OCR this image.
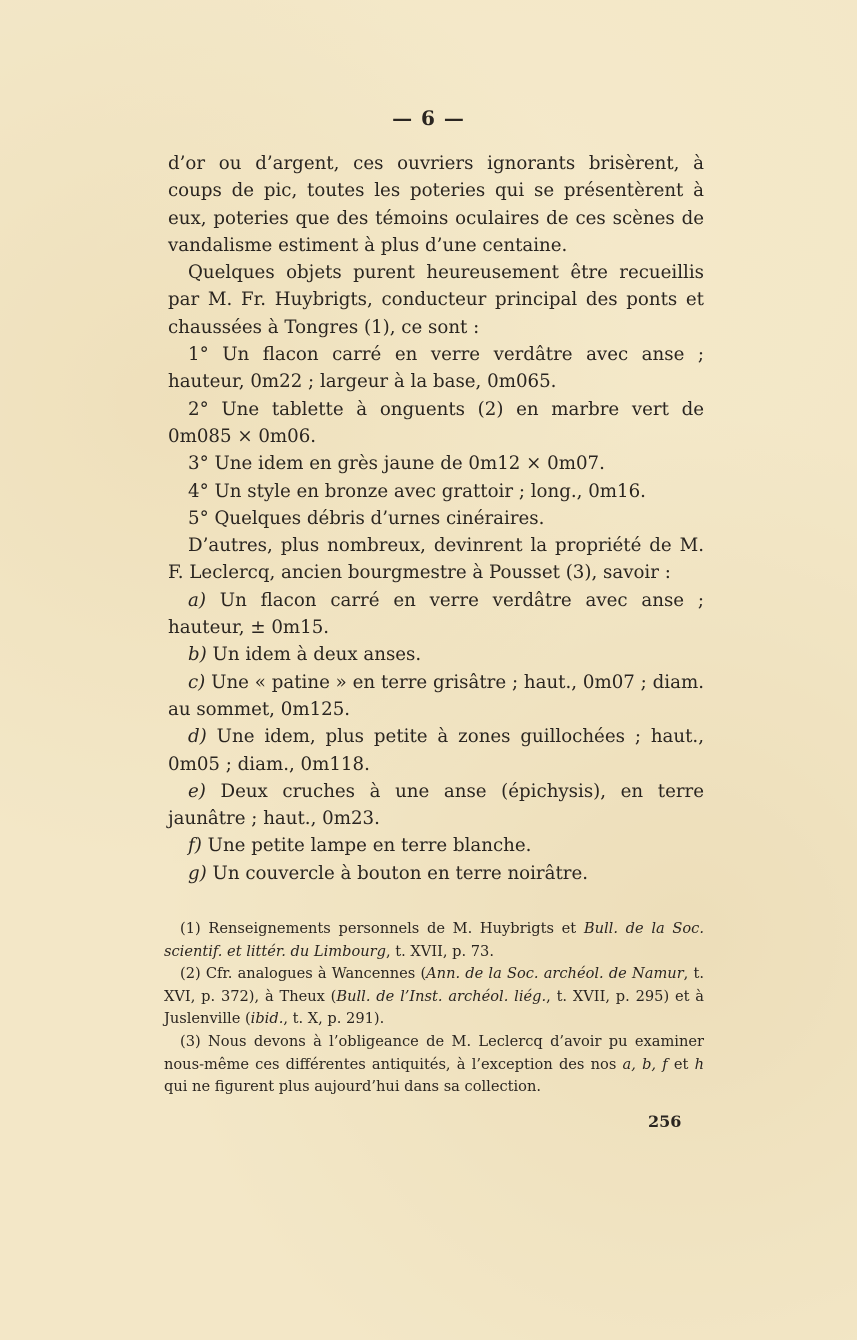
— 6 —

d’or ou d’argent, ces ouvriers ignorants brisèrent, à coups de pic, toutes les poteries qui se présentèrent à eux, poteries que des témoins oculaires de ces scènes de vandalisme estiment à plus d’une centaine.

Quelques objets purent heureusement être recueillis par M. Fr. Huybrigts, conducteur principal des ponts et chaussées à Tongres (1), ce sont :

1° Un flacon carré en verre verdâtre avec anse ; hauteur, 0m22 ; largeur à la base, 0m065.

2° Une tablette à onguents (2) en marbre vert de 0m085 × 0m06.

3° Une idem en grès jaune de 0m12 × 0m07.

4° Un style en bronze avec grattoir ; long., 0m16.

5° Quelques débris d’urnes cinéraires.

D’autres, plus nombreux, devinrent la propriété de M. F. Leclercq, ancien bourgmestre à Pousset (3), savoir :

a) Un flacon carré en verre verdâtre avec anse ; hauteur, ± 0m15.

b) Un idem à deux anses.

c) Une « patine » en terre grisâtre ; haut., 0m07 ; diam. au sommet, 0m125.

d) Une idem, plus petite à zones guillochées ; haut., 0m05 ; diam., 0m118.

e) Deux cruches à une anse (épichysis), en terre jaunâtre ; haut., 0m23.

f) Une petite lampe en terre blanche.

g) Un couvercle à bouton en terre noirâtre.

(1) Renseignements personnels de M. Huybrigts et Bull. de la Soc. scientif. et littér. du Limbourg, t. XVII, p. 73.

(2) Cfr. analogues à Wancennes (Ann. de la Soc. archéol. de Namur, t. XVI, p. 372), à Theux (Bull. de l’Inst. archéol. liég., t. XVII, p. 295) et à Juslenville (ibid., t. X, p. 291).

(3) Nous devons à l’obligeance de M. Leclercq d’avoir pu examiner nous-même ces différentes antiquités, à l’exception des nos a, b, f et h qui ne figurent plus aujourd’hui dans sa collection.

256
